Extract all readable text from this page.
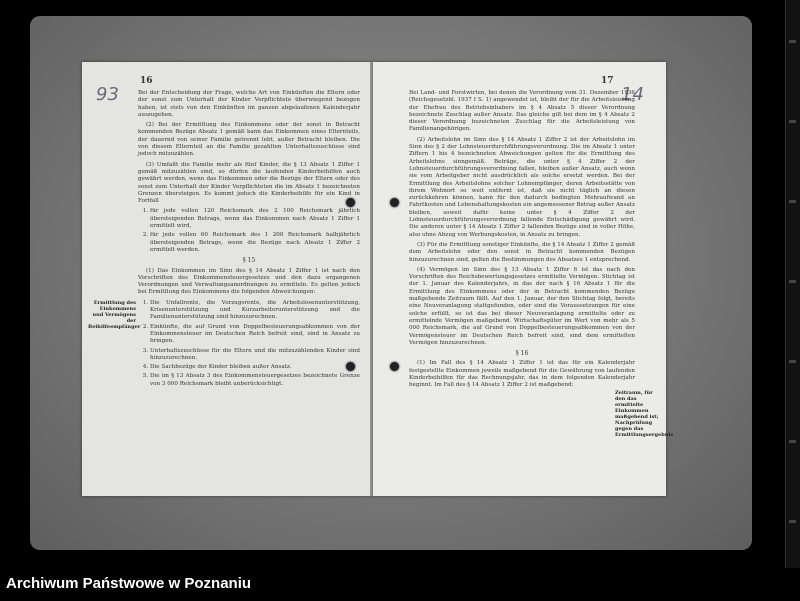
16
93	Bei der Entscheidung der Frage, welche Art von Einkünften die Eltern oder der sonst zum Unterhalt der Kinder Verpflichtete überwiegend bezogen haben, ist stets von den Einkünften im ganzen abgelaufenen Kalenderjahr auszugehen.

(2) Bei der Ermittlung des Einkommens oder der sonst in Betracht kommenden Bezüge Absatz 1 gemäß kann das Einkommen eines Elternteils, der dauernd von seiner Familie getrennt lebt, außer Betracht bleiben. Die von diesem Elternteil an die Familie gezahlten Unterhaltszuschüsse sind jedoch mitzuzählen.

(3) Umfaßt die Familie mehr als fünf Kinder, die § 13 Absatz 1 Ziffer 1 gemäß mitzuzählen sind, so dürfen die laufenden Kinderbeihilfen auch gewährt werden, wenn das Einkommen oder die Bezüge der Eltern oder des sonst zum Unterhalt der Kinder Verpflichteten die im Absatz 1 bezeichneten Grenzen übersteigen. Es kommt jedoch die Kinderbeihilfe für ein Kind in Fortfall

1. für jede vollen 120 Reichsmark des 2 100 Reichsmark jährlich übersteigenden Betrags, wenn das Einkommen nach Absatz 1 Ziffer 1 ermittelt wird,
2. für jede vollen 60 Reichsmark des 1 200 Reichsmark halbjährlich übersteigenden Betrags, wenn die Bezüge nach Absatz 1 Ziffer 2 ermittelt werden.
§ 15

(1) Das Einkommen im Sinn des § 14 Absatz 1 Ziffer 1 ist nach den Vorschriften des Einkommensteuergesetzes und den dazu ergangenen Verordnungen und Verwaltungsanordnungen zu ermitteln. Es gelten jedoch bei Ermittlung des Einkommens die folgenden Abweichungen:

1. Die Unfallrente, die Vorzugsrente, die Arbeitslosenunterstützung, Krisenunterstützung und Kurzarbeiterunterstützung und die Familienunterstützung sind hinzuzurechnen.
2. Einkünfte, die auf Grund von Doppelbesteuerungsabkommen von der Einkommensteuer im Deutschen Reich befreit sind, sind in Ansatz zu bringen.
3. Unterhaltszuschüsse für die Eltern und die mitzuzählenden Kinder sind hinzuzurechnen.
4. Die Sachbezüge der Kinder bleiben außer Ansatz.
5. Die im § 13 Absatz 3 des Einkommensteuergesetzes bezeichnete Grenze von 3 000 Reichsmark bleibt unberücksichtigt.
Ermittlung des Einkommens und Vermögens der Beihilfeempfänger
17
14

Bei Land- und Forstwirten, bei denen die Verordnung vom 31. Dezember 1936 (Reichsgesetzbl. 1937 I S. 1) angewendet ist, bleibt der für die Arbeitsleistung der Ehefrau des Betriebsinhabers im § 4 Absatz 5 dieser Verordnung bezeichnete Zuschlag außer Ansatz. Das gleiche gilt bei dem im § 4 Absatz 2 dieser Verordnung bezeichneten Zuschlag für die Arbeitsleistung von Familienangehörigen.

(2) Arbeitslohn im Sinn des § 14 Absatz 1 Ziffer 2 ist der Arbeitslohn im Sinn des § 2 der Lohnsteuerdurchführungsverordnung. Die im Absatz 1 unter Ziffern 1 bis 4 bezeichneten Abweichungen gelten für die Ermittlung des Arbeitslohns sinngemäß. Beträge, die unter § 4 Ziffer 2 der Lohnsteuerdurchführungsverordnung fallen, bleiben außer Ansatz, auch wenn sie vom Arbeitgeber nicht ausdrücklich als solche ersetzt werden. Bei der Ermittlung des Arbeitslohns solcher Lohnempfänger, deren Arbeitsstätte von ihrem Wohnort so weit entfernt ist, daß sie nicht täglich an diesen zurückkehren können, kann für den dadurch bedingten Mehraufwand an Fahrtkosten und Lebenshaltungskosten ein angemessener Betrag außer Ansatz bleiben, soweit dafür keine unter § 4 Ziffer 2 der Lohnsteuerdurchführungsverordnung fallende Entschädigung gewährt wird. Die anderen unter § 14 Absatz 1 Ziffer 2 fallenden Bezüge sind in voller Höhe, also ohne Abzug von Werbungskosten, in Ansatz zu bringen.

(3) Für die Ermittlung sonstiger Einkünfte, die § 14 Absatz 1 Ziffer 2 gemäß dem Arbeitslohn oder den sonst in Betracht kommenden Bezügen hinzuzurechnen sind, gelten die Bestimmungen des Absatzes 1 entsprechend.

(4) Vermögen im Sinn des § 13 Absatz 1 Ziffer 6 ist das nach den Vorschriften des Reichsbewertungsgesetzes ermittelte Vermögen. Stichtag ist der 1. Januar des Kalenderjahrs, in das der nach § 16 Absatz 1 für die Ermittlung des Einkommens oder der in Betracht kommenden Bezüge maßgebende Zeitraum fällt. Auf den 1. Januar, der den Stichtag folgt, bereits eine Neuveranlagung stattgefunden, oder sind die Voraussetzungen für eine solche erfüllt, so ist das bei dieser Neuveranlagung ermittelte oder zu ermittelnde Vermögen maßgebend. Wirtschaftsgüter im Wert von mehr als 5 000 Reichsmark, die auf Grund von Doppelbesteuerungsabkommen von der Vermögensteuer im Deutschen Reich befreit sind, sind dem ermittelten Vermögen hinzuzurechnen.

§ 16

(1) Im Fall des § 14 Absatz 1 Ziffer 1 ist das für ein Kalenderjahr festgestellte Einkommen jeweils maßgebend für die Gewährung von laufenden Kinderbeihilfen für das Rechnungsjahr, das in dem folgenden Kalenderjahr beginnt. Im Fall des § 14 Absatz 1 Ziffer 2 ist maßgebend:

Zeitraum, für den das ermittelte Einkommen maßgebend ist; Nachprüfung gegen das Ermittlungsergebnis
Archiwum Państwowe w Poznaniu
